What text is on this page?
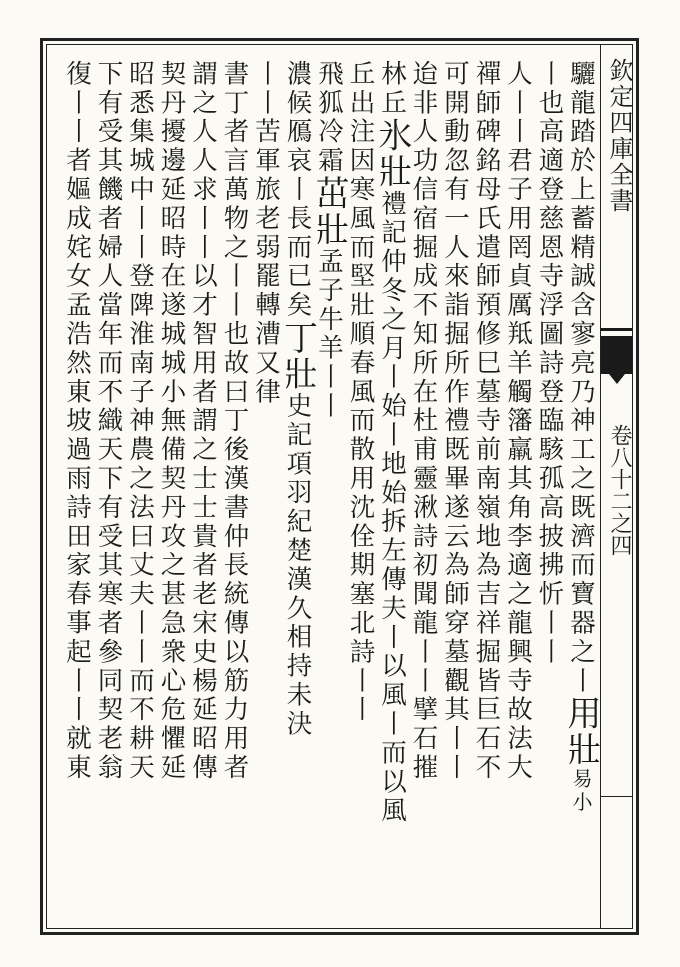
欽定四庫全書
卷八十二之四
驪龍踏於上蓄精誠含寥亮乃神工之既濟而寶器之丨用壯易小
丨也高適登慈恩寺浮圖詩登臨駭孤高披拂忻丨丨
人丨丨君子用罔貞厲羝羊觸籓羸其角李適之龍興寺故法大
禪師碑銘母氏遣師預修巳墓寺前南嶺地為吉祥掘皆巨石不
可開動忽有一人來詣掘所作禮既畢遂云為師穿墓觀其丨丨
迨非人功信宿掘成不知所在杜甫靈湫詩初聞龍丨丨擘石摧
林丘氷壯禮記仲冬之月丨始丨地始拆左傳夫丨以風丨而以風
丘出注因寒風而堅壯順春風而散用沈佺期塞北詩丨丨
飛狐冷霜茁壯孟子牛羊丨丨
濃候鴈哀丨長而已矣丁壯史記項羽紀楚漢久相持未決
丨丨苦軍旅老弱罷轉漕又律
書丁者言萬物之丨丨也故曰丁後漢書仲長統傳以筋力用者
謂之人人求丨丨以才智用者謂之士士貴者老宋史楊延昭傳
契丹擾邊延昭時在遂城城小無備契丹攻之甚急衆心危懼延
昭悉集城中丨丨登陴淮南子神農之法曰丈夫丨丨而不耕天
下有受其饑者婦人當年而不織天下有受其寒者參同契老翁
復丨丨者嫗成姹女孟浩然東坡過雨詩田家春事起丨丨就東
